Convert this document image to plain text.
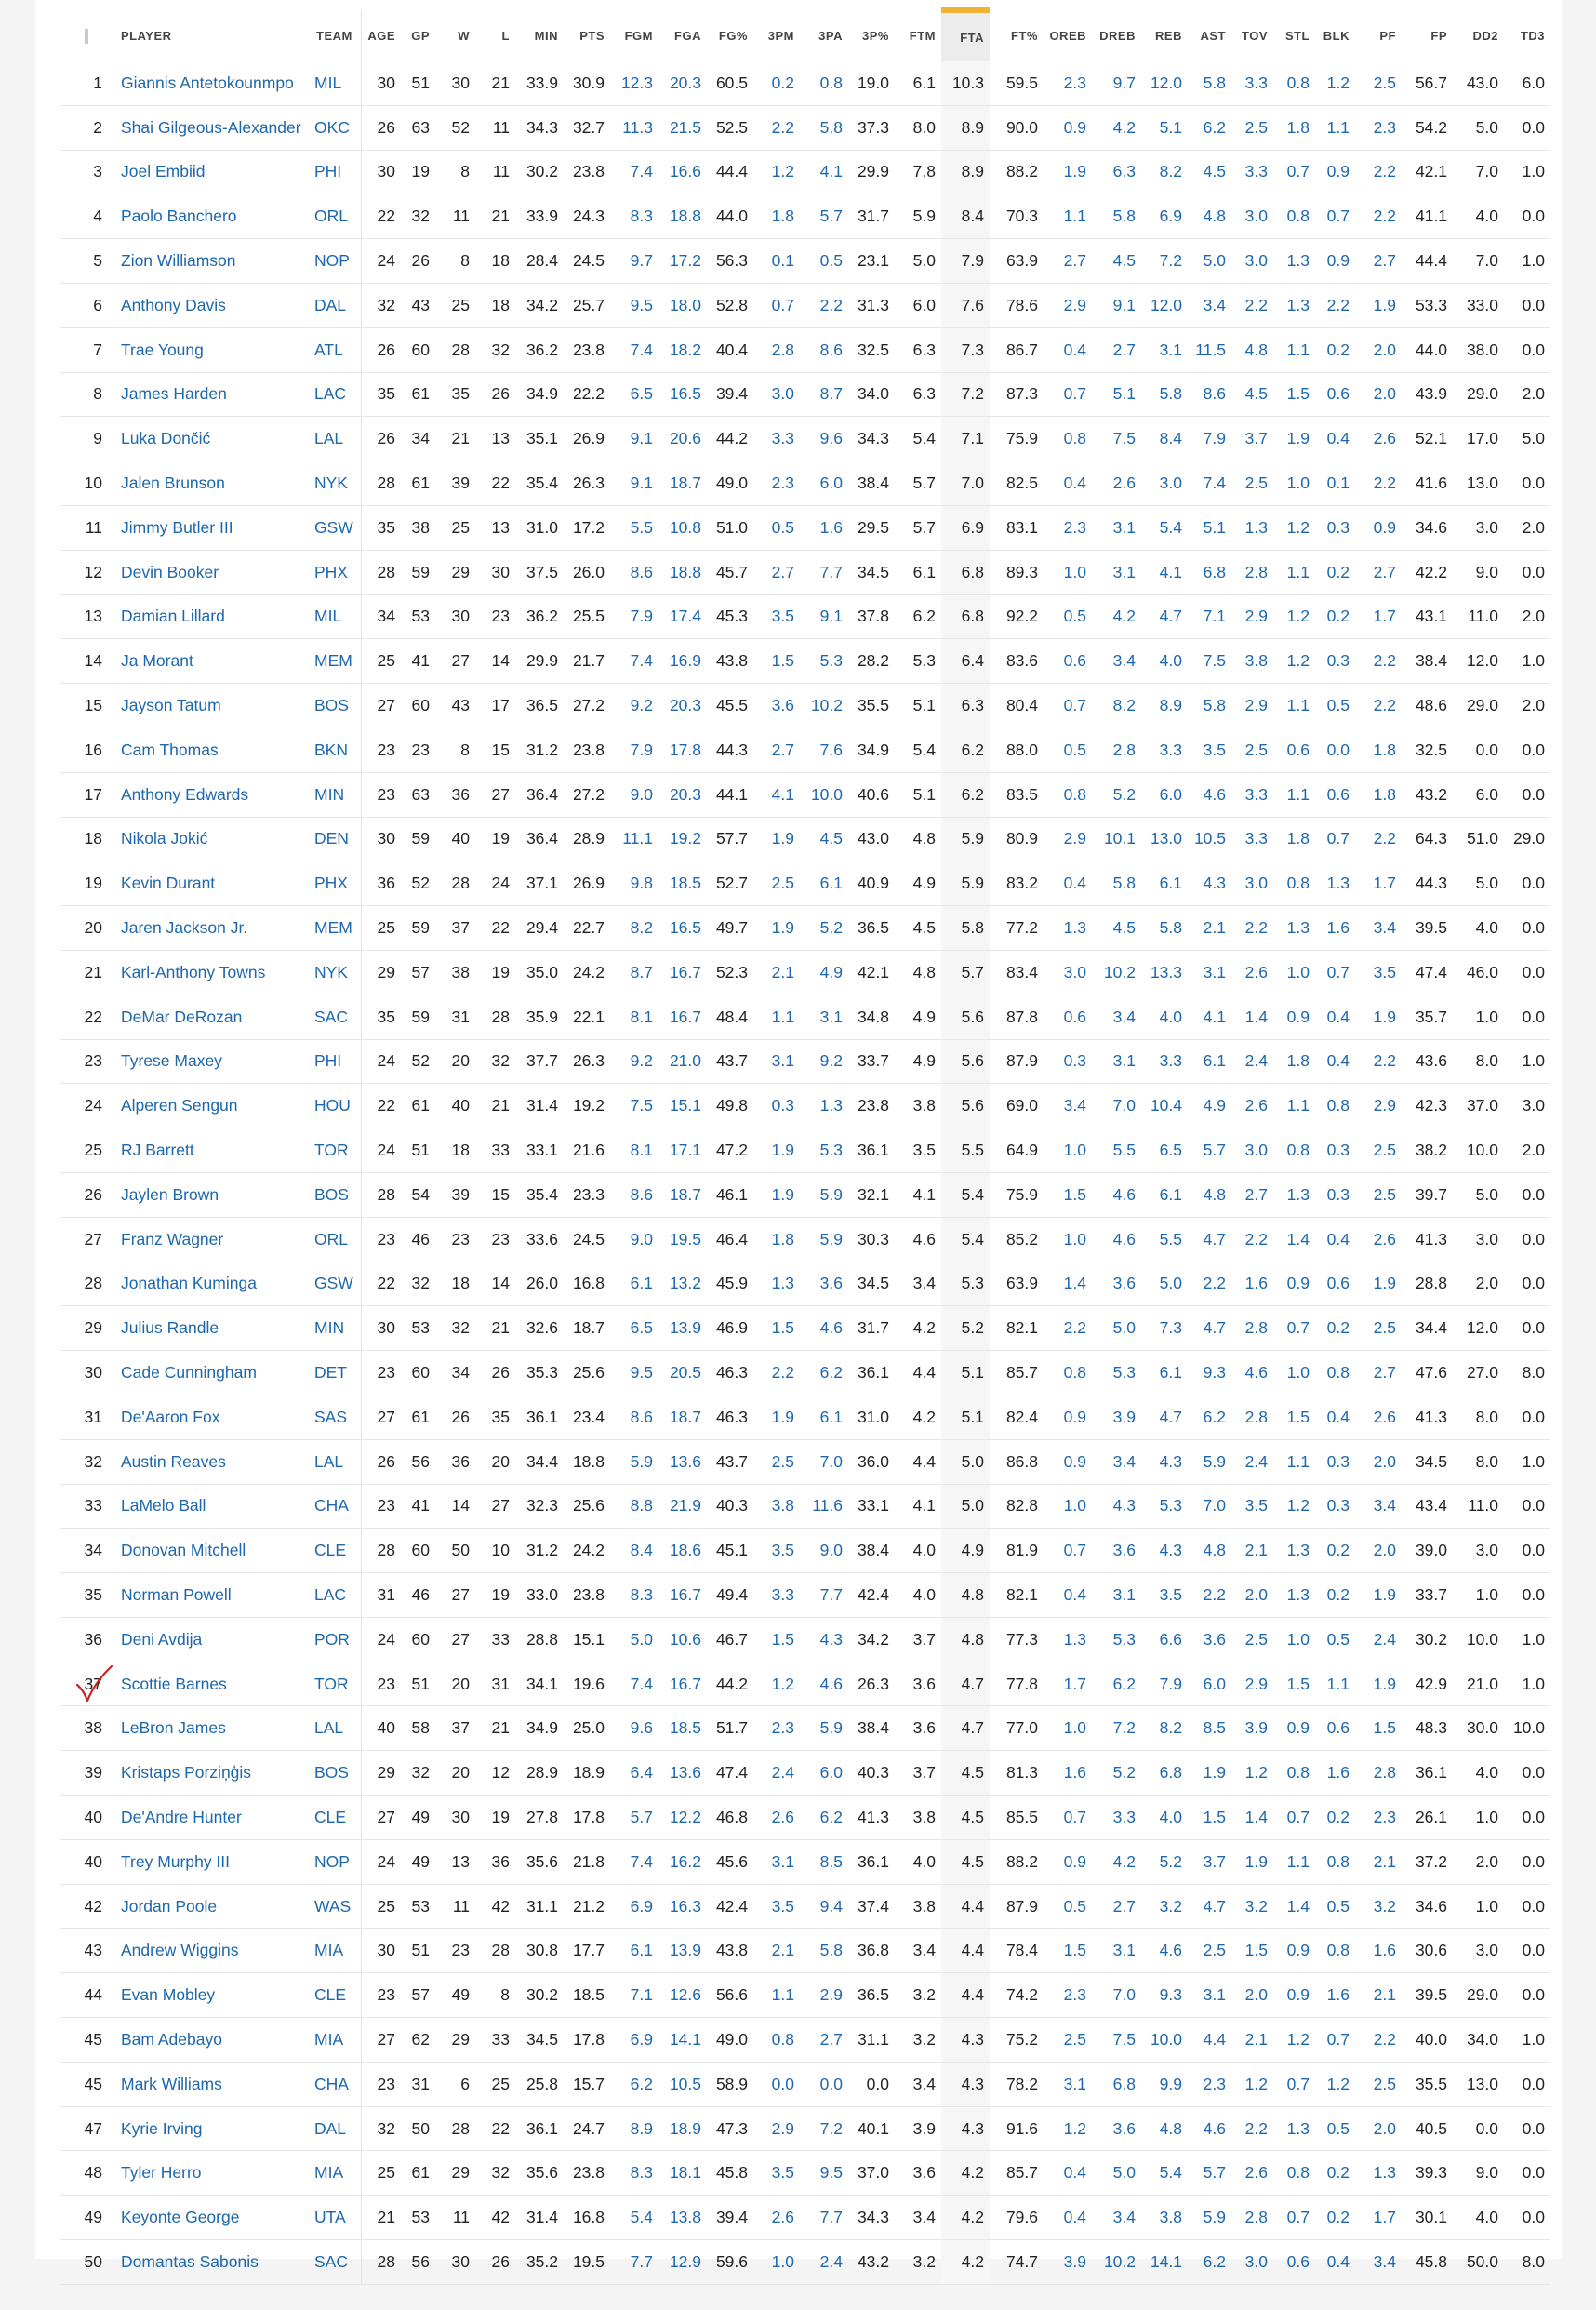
	PLAYER	TEAM	AGE	GP	W	L	MIN	PTS	FGM	FGA	FG%	3PM	3PA	3P%	FTM	FTA	FT%	OREB	DREB	REB	AST	TOV	STL	BLK	PF	FP	DD2	TD3	
1	Giannis Antetokounmpo	MIL	30	51	30	21	33.9	30.9	12.3	20.3	60.5	0.2	0.8	19.0	6.1	10.3	59.5	2.3	9.7	12.0	5.8	3.3	0.8	1.2	2.5	56.7	43.0	6.0	
2	Shai Gilgeous-Alexander	OKC	26	63	52	11	34.3	32.7	11.3	21.5	52.5	2.2	5.8	37.3	8.0	8.9	90.0	0.9	4.2	5.1	6.2	2.5	1.8	1.1	2.3	54.2	5.0	0.0	
3	Joel Embiid	PHI	30	19	8	11	30.2	23.8	7.4	16.6	44.4	1.2	4.1	29.9	7.8	8.9	88.2	1.9	6.3	8.2	4.5	3.3	0.7	0.9	2.2	42.1	7.0	1.0	
4	Paolo Banchero	ORL	22	32	11	21	33.9	24.3	8.3	18.8	44.0	1.8	5.7	31.7	5.9	8.4	70.3	1.1	5.8	6.9	4.8	3.0	0.8	0.7	2.2	41.1	4.0	0.0	
5	Zion Williamson	NOP	24	26	8	18	28.4	24.5	9.7	17.2	56.3	0.1	0.5	23.1	5.0	7.9	63.9	2.7	4.5	7.2	5.0	3.0	1.3	0.9	2.7	44.4	7.0	1.0	
6	Anthony Davis	DAL	32	43	25	18	34.2	25.7	9.5	18.0	52.8	0.7	2.2	31.3	6.0	7.6	78.6	2.9	9.1	12.0	3.4	2.2	1.3	2.2	1.9	53.3	33.0	0.0	
7	Trae Young	ATL	26	60	28	32	36.2	23.8	7.4	18.2	40.4	2.8	8.6	32.5	6.3	7.3	86.7	0.4	2.7	3.1	11.5	4.8	1.1	0.2	2.0	44.0	38.0	0.0	
8	James Harden	LAC	35	61	35	26	34.9	22.2	6.5	16.5	39.4	3.0	8.7	34.0	6.3	7.2	87.3	0.7	5.1	5.8	8.6	4.5	1.5	0.6	2.0	43.9	29.0	2.0	
9	Luka Dončić	LAL	26	34	21	13	35.1	26.9	9.1	20.6	44.2	3.3	9.6	34.3	5.4	7.1	75.9	0.8	7.5	8.4	7.9	3.7	1.9	0.4	2.6	52.1	17.0	5.0	
10	Jalen Brunson	NYK	28	61	39	22	35.4	26.3	9.1	18.7	49.0	2.3	6.0	38.4	5.7	7.0	82.5	0.4	2.6	3.0	7.4	2.5	1.0	0.1	2.2	41.6	13.0	0.0	
11	Jimmy Butler III	GSW	35	38	25	13	31.0	17.2	5.5	10.8	51.0	0.5	1.6	29.5	5.7	6.9	83.1	2.3	3.1	5.4	5.1	1.3	1.2	0.3	0.9	34.6	3.0	2.0	
12	Devin Booker	PHX	28	59	29	30	37.5	26.0	8.6	18.8	45.7	2.7	7.7	34.5	6.1	6.8	89.3	1.0	3.1	4.1	6.8	2.8	1.1	0.2	2.7	42.2	9.0	0.0	
13	Damian Lillard	MIL	34	53	30	23	36.2	25.5	7.9	17.4	45.3	3.5	9.1	37.8	6.2	6.8	92.2	0.5	4.2	4.7	7.1	2.9	1.2	0.2	1.7	43.1	11.0	2.0	
14	Ja Morant	MEM	25	41	27	14	29.9	21.7	7.4	16.9	43.8	1.5	5.3	28.2	5.3	6.4	83.6	0.6	3.4	4.0	7.5	3.8	1.2	0.3	2.2	38.4	12.0	1.0	
15	Jayson Tatum	BOS	27	60	43	17	36.5	27.2	9.2	20.3	45.5	3.6	10.2	35.5	5.1	6.3	80.4	0.7	8.2	8.9	5.8	2.9	1.1	0.5	2.2	48.6	29.0	2.0	
16	Cam Thomas	BKN	23	23	8	15	31.2	23.8	7.9	17.8	44.3	2.7	7.6	34.9	5.4	6.2	88.0	0.5	2.8	3.3	3.5	2.5	0.6	0.0	1.8	32.5	0.0	0.0	
17	Anthony Edwards	MIN	23	63	36	27	36.4	27.2	9.0	20.3	44.1	4.1	10.0	40.6	5.1	6.2	83.5	0.8	5.2	6.0	4.6	3.3	1.1	0.6	1.8	43.2	6.0	0.0	
18	Nikola Jokić	DEN	30	59	40	19	36.4	28.9	11.1	19.2	57.7	1.9	4.5	43.0	4.8	5.9	80.9	2.9	10.1	13.0	10.5	3.3	1.8	0.7	2.2	64.3	51.0	29.0	
19	Kevin Durant	PHX	36	52	28	24	37.1	26.9	9.8	18.5	52.7	2.5	6.1	40.9	4.9	5.9	83.2	0.4	5.8	6.1	4.3	3.0	0.8	1.3	1.7	44.3	5.0	0.0	
20	Jaren Jackson Jr.	MEM	25	59	37	22	29.4	22.7	8.2	16.5	49.7	1.9	5.2	36.5	4.5	5.8	77.2	1.3	4.5	5.8	2.1	2.2	1.3	1.6	3.4	39.5	4.0	0.0	
21	Karl-Anthony Towns	NYK	29	57	38	19	35.0	24.2	8.7	16.7	52.3	2.1	4.9	42.1	4.8	5.7	83.4	3.0	10.2	13.3	3.1	2.6	1.0	0.7	3.5	47.4	46.0	0.0	
22	DeMar DeRozan	SAC	35	59	31	28	35.9	22.1	8.1	16.7	48.4	1.1	3.1	34.8	4.9	5.6	87.8	0.6	3.4	4.0	4.1	1.4	0.9	0.4	1.9	35.7	1.0	0.0	
23	Tyrese Maxey	PHI	24	52	20	32	37.7	26.3	9.2	21.0	43.7	3.1	9.2	33.7	4.9	5.6	87.9	0.3	3.1	3.3	6.1	2.4	1.8	0.4	2.2	43.6	8.0	1.0	
24	Alperen Sengun	HOU	22	61	40	21	31.4	19.2	7.5	15.1	49.8	0.3	1.3	23.8	3.8	5.6	69.0	3.4	7.0	10.4	4.9	2.6	1.1	0.8	2.9	42.3	37.0	3.0	
25	RJ Barrett	TOR	24	51	18	33	33.1	21.6	8.1	17.1	47.2	1.9	5.3	36.1	3.5	5.5	64.9	1.0	5.5	6.5	5.7	3.0	0.8	0.3	2.5	38.2	10.0	2.0	
26	Jaylen Brown	BOS	28	54	39	15	35.4	23.3	8.6	18.7	46.1	1.9	5.9	32.1	4.1	5.4	75.9	1.5	4.6	6.1	4.8	2.7	1.3	0.3	2.5	39.7	5.0	0.0	
27	Franz Wagner	ORL	23	46	23	23	33.6	24.5	9.0	19.5	46.4	1.8	5.9	30.3	4.6	5.4	85.2	1.0	4.6	5.5	4.7	2.2	1.4	0.4	2.6	41.3	3.0	0.0	
28	Jonathan Kuminga	GSW	22	32	18	14	26.0	16.8	6.1	13.2	45.9	1.3	3.6	34.5	3.4	5.3	63.9	1.4	3.6	5.0	2.2	1.6	0.9	0.6	1.9	28.8	2.0	0.0	
29	Julius Randle	MIN	30	53	32	21	32.6	18.7	6.5	13.9	46.9	1.5	4.6	31.7	4.2	5.2	82.1	2.2	5.0	7.3	4.7	2.8	0.7	0.2	2.5	34.4	12.0	0.0	
30	Cade Cunningham	DET	23	60	34	26	35.3	25.6	9.5	20.5	46.3	2.2	6.2	36.1	4.4	5.1	85.7	0.8	5.3	6.1	9.3	4.6	1.0	0.8	2.7	47.6	27.0	8.0	
31	De'Aaron Fox	SAS	27	61	26	35	36.1	23.4	8.6	18.7	46.3	1.9	6.1	31.0	4.2	5.1	82.4	0.9	3.9	4.7	6.2	2.8	1.5	0.4	2.6	41.3	8.0	0.0	
32	Austin Reaves	LAL	26	56	36	20	34.4	18.8	5.9	13.6	43.7	2.5	7.0	36.0	4.4	5.0	86.8	0.9	3.4	4.3	5.9	2.4	1.1	0.3	2.0	34.5	8.0	1.0	
33	LaMelo Ball	CHA	23	41	14	27	32.3	25.6	8.8	21.9	40.3	3.8	11.6	33.1	4.1	5.0	82.8	1.0	4.3	5.3	7.0	3.5	1.2	0.3	3.4	43.4	11.0	0.0	
34	Donovan Mitchell	CLE	28	60	50	10	31.2	24.2	8.4	18.6	45.1	3.5	9.0	38.4	4.0	4.9	81.9	0.7	3.6	4.3	4.8	2.1	1.3	0.2	2.0	39.0	3.0	0.0	
35	Norman Powell	LAC	31	46	27	19	33.0	23.8	8.3	16.7	49.4	3.3	7.7	42.4	4.0	4.8	82.1	0.4	3.1	3.5	2.2	2.0	1.3	0.2	1.9	33.7	1.0	0.0	
36	Deni Avdija	POR	24	60	27	33	28.8	15.1	5.0	10.6	46.7	1.5	4.3	34.2	3.7	4.8	77.3	1.3	5.3	6.6	3.6	2.5	1.0	0.5	2.4	30.2	10.0	1.0	
37	Scottie Barnes	TOR	23	51	20	31	34.1	19.6	7.4	16.7	44.2	1.2	4.6	26.3	3.6	4.7	77.8	1.7	6.2	7.9	6.0	2.9	1.5	1.1	1.9	42.9	21.0	1.0	
38	LeBron James	LAL	40	58	37	21	34.9	25.0	9.6	18.5	51.7	2.3	5.9	38.4	3.6	4.7	77.0	1.0	7.2	8.2	8.5	3.9	0.9	0.6	1.5	48.3	30.0	10.0	
39	Kristaps Porziņģis	BOS	29	32	20	12	28.9	18.9	6.4	13.6	47.4	2.4	6.0	40.3	3.7	4.5	81.3	1.6	5.2	6.8	1.9	1.2	0.8	1.6	2.8	36.1	4.0	0.0	
40	De'Andre Hunter	CLE	27	49	30	19	27.8	17.8	5.7	12.2	46.8	2.6	6.2	41.3	3.8	4.5	85.5	0.7	3.3	4.0	1.5	1.4	0.7	0.2	2.3	26.1	1.0	0.0	
40	Trey Murphy III	NOP	24	49	13	36	35.6	21.8	7.4	16.2	45.6	3.1	8.5	36.1	4.0	4.5	88.2	0.9	4.2	5.2	3.7	1.9	1.1	0.8	2.1	37.2	2.0	0.0	
42	Jordan Poole	WAS	25	53	11	42	31.1	21.2	6.9	16.3	42.4	3.5	9.4	37.4	3.8	4.4	87.9	0.5	2.7	3.2	4.7	3.2	1.4	0.5	3.2	34.6	1.0	0.0	
43	Andrew Wiggins	MIA	30	51	23	28	30.8	17.7	6.1	13.9	43.8	2.1	5.8	36.8	3.4	4.4	78.4	1.5	3.1	4.6	2.5	1.5	0.9	0.8	1.6	30.6	3.0	0.0	
44	Evan Mobley	CLE	23	57	49	8	30.2	18.5	7.1	12.6	56.6	1.1	2.9	36.5	3.2	4.4	74.2	2.3	7.0	9.3	3.1	2.0	0.9	1.6	2.1	39.5	29.0	0.0	
45	Bam Adebayo	MIA	27	62	29	33	34.5	17.8	6.9	14.1	49.0	0.8	2.7	31.1	3.2	4.3	75.2	2.5	7.5	10.0	4.4	2.1	1.2	0.7	2.2	40.0	34.0	1.0	
45	Mark Williams	CHA	23	31	6	25	25.8	15.7	6.2	10.5	58.9	0.0	0.0	0.0	3.4	4.3	78.2	3.1	6.8	9.9	2.3	1.2	0.7	1.2	2.5	35.5	13.0	0.0	
47	Kyrie Irving	DAL	32	50	28	22	36.1	24.7	8.9	18.9	47.3	2.9	7.2	40.1	3.9	4.3	91.6	1.2	3.6	4.8	4.6	2.2	1.3	0.5	2.0	40.5	0.0	0.0	
48	Tyler Herro	MIA	25	61	29	32	35.6	23.8	8.3	18.1	45.8	3.5	9.5	37.0	3.6	4.2	85.7	0.4	5.0	5.4	5.7	2.6	0.8	0.2	1.3	39.3	9.0	0.0	
49	Keyonte George	UTA	21	53	11	42	31.4	16.8	5.4	13.8	39.4	2.6	7.7	34.3	3.4	4.2	79.6	0.4	3.4	3.8	5.9	2.8	0.7	0.2	1.7	30.1	4.0	0.0	
50	Domantas Sabonis	SAC	28	56	30	26	35.2	19.5	7.7	12.9	59.6	1.0	2.4	43.2	3.2	4.2	74.7	3.9	10.2	14.1	6.2	3.0	0.6	0.4	3.4	45.8	50.0	8.0	
